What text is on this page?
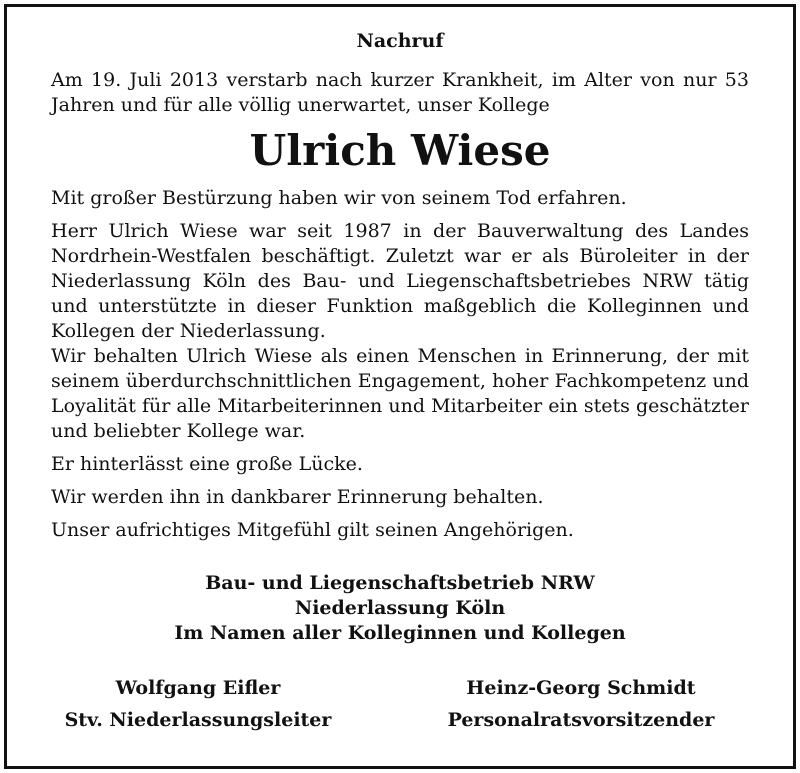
Nachruf

Am 19. Juli 2013 verstarb nach kurzer Krankheit, im Alter von nur 53 Jahren und für alle völlig unerwartet, unser Kollege

Ulrich Wiese

Mit großer Bestürzung haben wir von seinem Tod erfahren.

Herr Ulrich Wiese war seit 1987 in der Bauverwaltung des Landes Nordrhein-Westfalen beschäftigt. Zuletzt war er als Büroleiter in der Niederlassung Köln des Bau- und Liegenschaftsbetriebes NRW tätig und unterstützte in dieser Funktion maßgeblich die Kolleginnen und Kollegen der Niederlassung.

Wir behalten Ulrich Wiese als einen Menschen in Erinnerung, der mit seinem überdurchschnittlichen Engagement, hoher Fachkompetenz und Loyalität für alle Mitarbeiterinnen und Mitarbeiter ein stets geschätzter und beliebter Kollege war.

Er hinterlässt eine große Lücke.

Wir werden ihn in dankbarer Erinnerung behalten.

Unser aufrichtiges Mitgefühl gilt seinen Angehörigen.

Bau- und Liegenschaftsbetrieb NRW
Niederlassung Köln
Im Namen aller Kolleginnen und Kollegen
Wolfgang Eifler
Stv. Niederlassungsleiter
Heinz-Georg Schmidt
Personalratsvorsitzender
